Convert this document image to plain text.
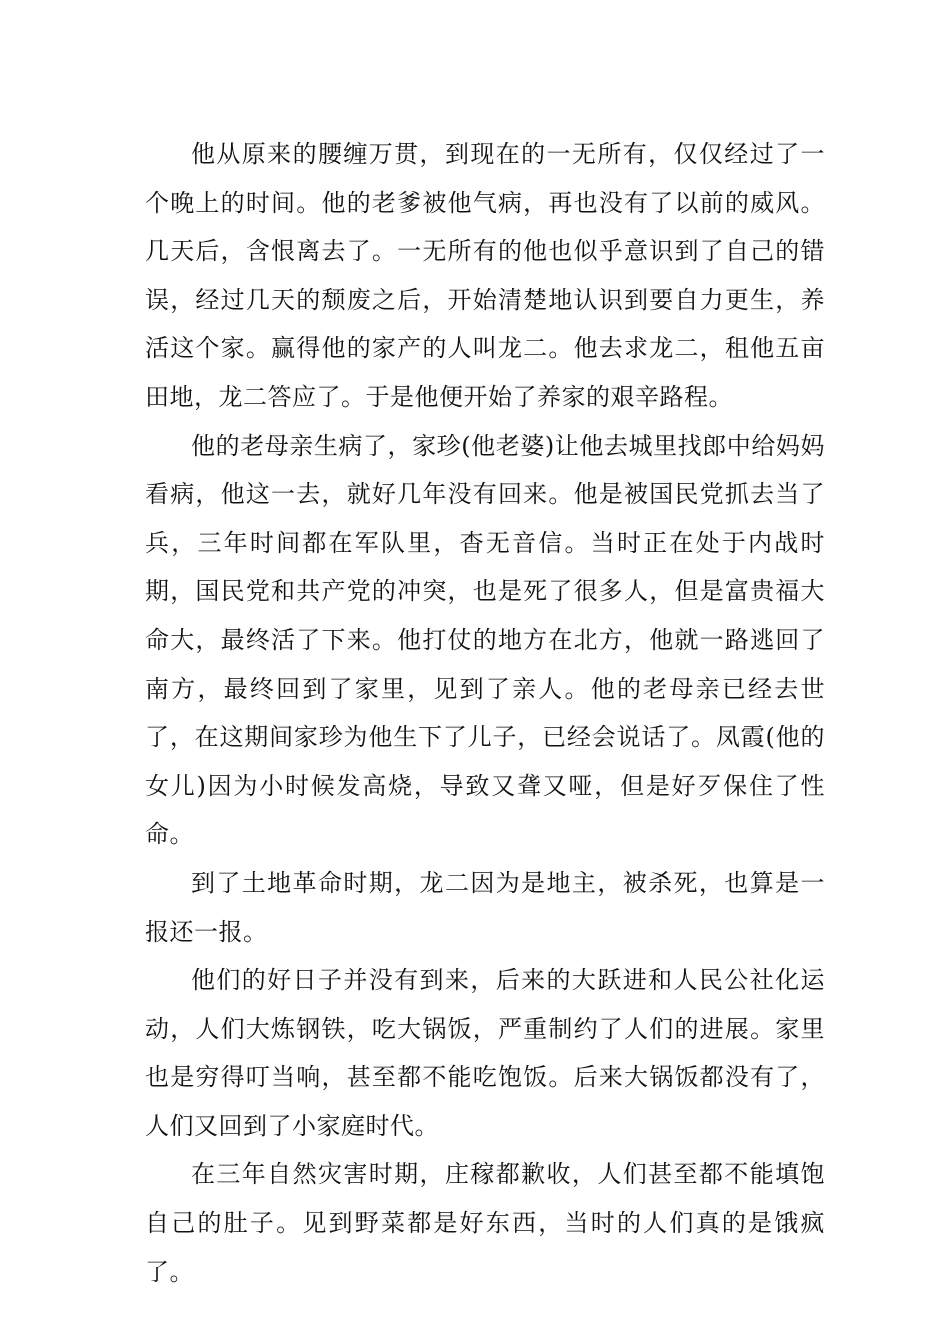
他从原来的腰缠万贯，到现在的一无所有，仅仅经过了一个晚上的时间。他的老爹被他气病，再也没有了以前的威风。几天后，含恨离去了。一无所有的他也似乎意识到了自己的错误，经过几天的颓废之后，开始清楚地认识到要自力更生，养活这个家。赢得他的家产的人叫龙二。他去求龙二，租他五亩田地，龙二答应了。于是他便开始了养家的艰辛路程。

他的老母亲生病了，家珍(他老婆)让他去城里找郎中给妈妈看病，他这一去，就好几年没有回来。他是被国民党抓去当了兵，三年时间都在军队里，杳无音信。当时正在处于内战时期，国民党和共产党的冲突，也是死了很多人，但是富贵福大命大，最终活了下来。他打仗的地方在北方，他就一路逃回了南方，最终回到了家里，见到了亲人。他的老母亲已经去世了，在这期间家珍为他生下了儿子，已经会说话了。凤霞(他的女儿)因为小时候发高烧，导致又聋又哑，但是好歹保住了性命。

到了土地革命时期，龙二因为是地主，被杀死，也算是一报还一报。

他们的好日子并没有到来，后来的大跃进和人民公社化运动，人们大炼钢铁，吃大锅饭，严重制约了人们的进展。家里也是穷得叮当响，甚至都不能吃饱饭。后来大锅饭都没有了，人们又回到了小家庭时代。

在三年自然灾害时期，庄稼都歉收，人们甚至都不能填饱自己的肚子。见到野菜都是好东西，当时的人们真的是饿疯了。
